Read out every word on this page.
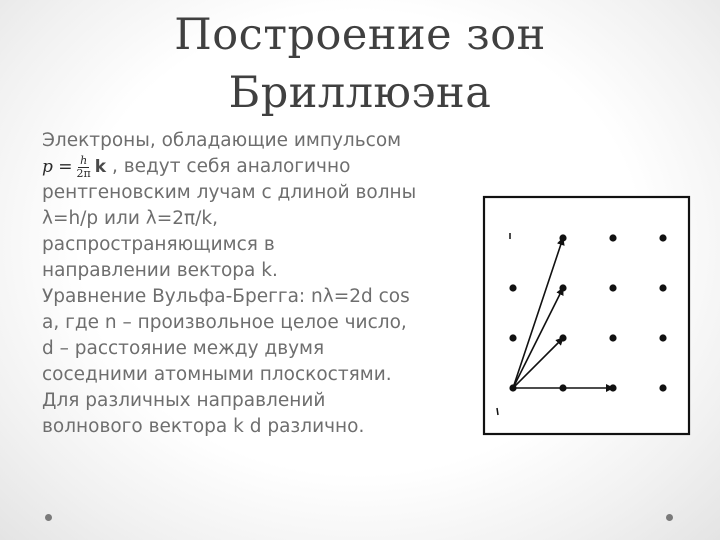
Построение зон
Бриллюэна
Электроны, обладающие импульсом
$p = \frac{h}{2\pi}$ k , ведут себя аналогично
рентгеновским лучам с длиной волны
λ=h/p или λ=2π/k,
распространяющимся в
направлении вектора k.
Уравнение Вульфа-Брегга: nλ=2d cos
a, где n – произвольное целое число,
d – расстояние между двумя
соседними атомными плоскостями.
Для различных направлений
волнового вектора k d различно.
